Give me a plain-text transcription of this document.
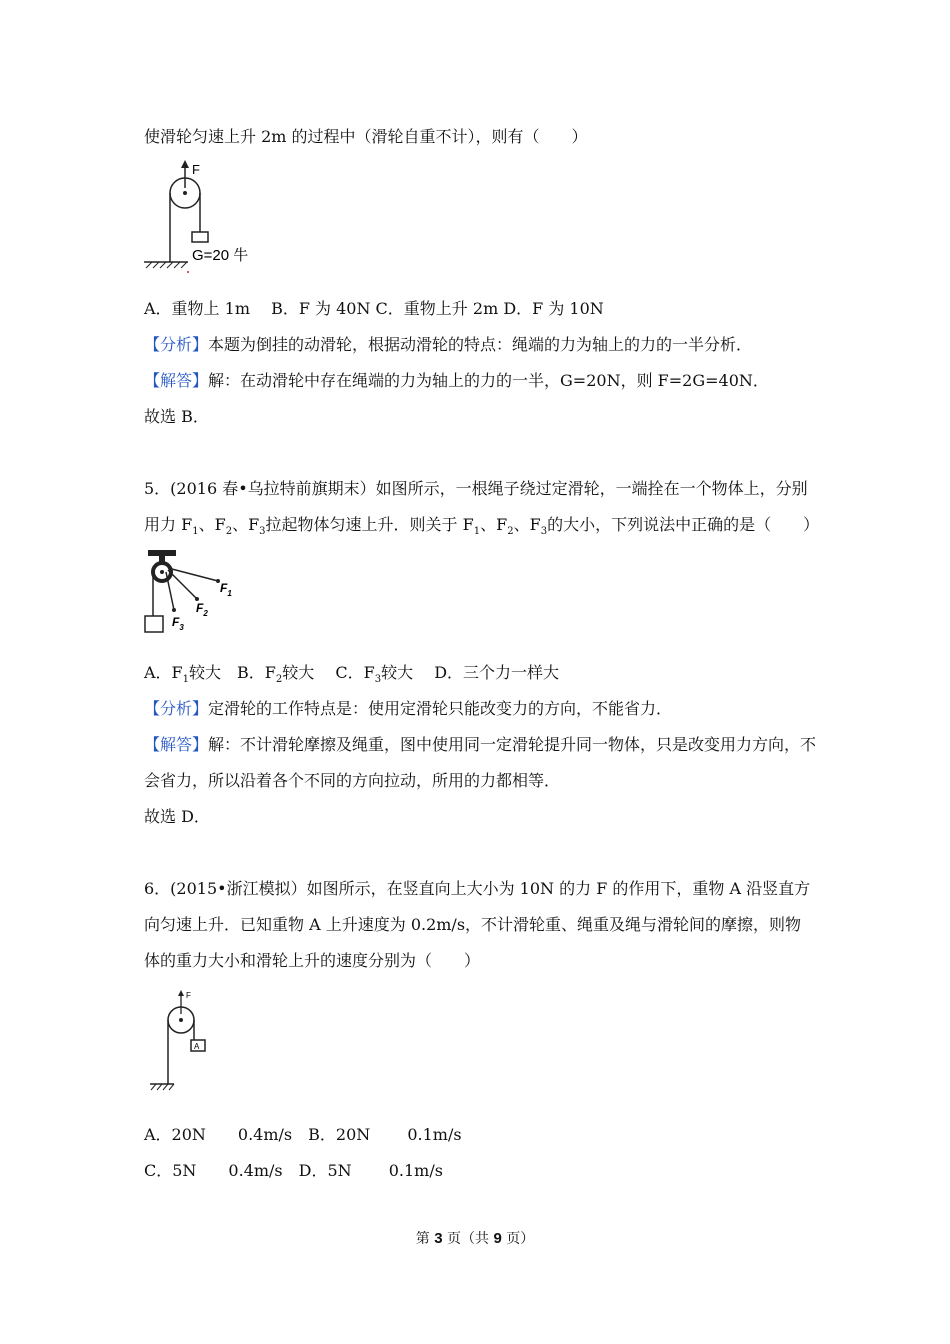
使滑轮匀速上升 2m 的过程中（滑轮自重不计），则有（　　）
F
G=20 牛
A．重物上 1m　 B．F 为 40N C．重物上升 2m D．F 为 10N
【分析】本题为倒挂的动滑轮，根据动滑轮的特点：绳端的力为轴上的力的一半分析．
【解答】解：在动滑轮中存在绳端的力为轴上的力的一半，G=20N，则 F=2G=40N．
故选 B．
5．(2016 春•乌拉特前旗期末）如图所示，一根绳子绕过定滑轮，一端拴在一个物体上，分别
用力 $F_1$、$F_2$、$F_3$拉起物体匀速上升．则关于 $F_1$、$F_2$、$F_3$的大小，下列说法中正确的是（　　）
$F_1$
$F_2$
$F_3$
A．$F_1$较大　B．$F_2$较大　 C．$F_3$较大　 D．三个力一样大
【分析】定滑轮的工作特点是：使用定滑轮只能改变力的方向，不能省力．
【解答】解：不计滑轮摩擦及绳重，图中使用同一定滑轮提升同一物体，只是改变用力方向，不
会省力，所以沿着各个不同的方向拉动，所用的力都相等．
故选 D．
6．(2015•浙江模拟）如图所示，在竖直向上大小为 10N 的力 F 的作用下，重物 A 沿竖直方
向匀速上升．已知重物 A 上升速度为 0.2m/s，不计滑轮重、绳重及绳与滑轮间的摩擦，则物
体的重力大小和滑轮上升的速度分别为（　　）
F
A
A．20N　　0.4m/s　B．20N　　 0.1m/s
C．5N　　0.4m/s　D．5N　　 0.1m/s
第 3 页（共 9 页）
